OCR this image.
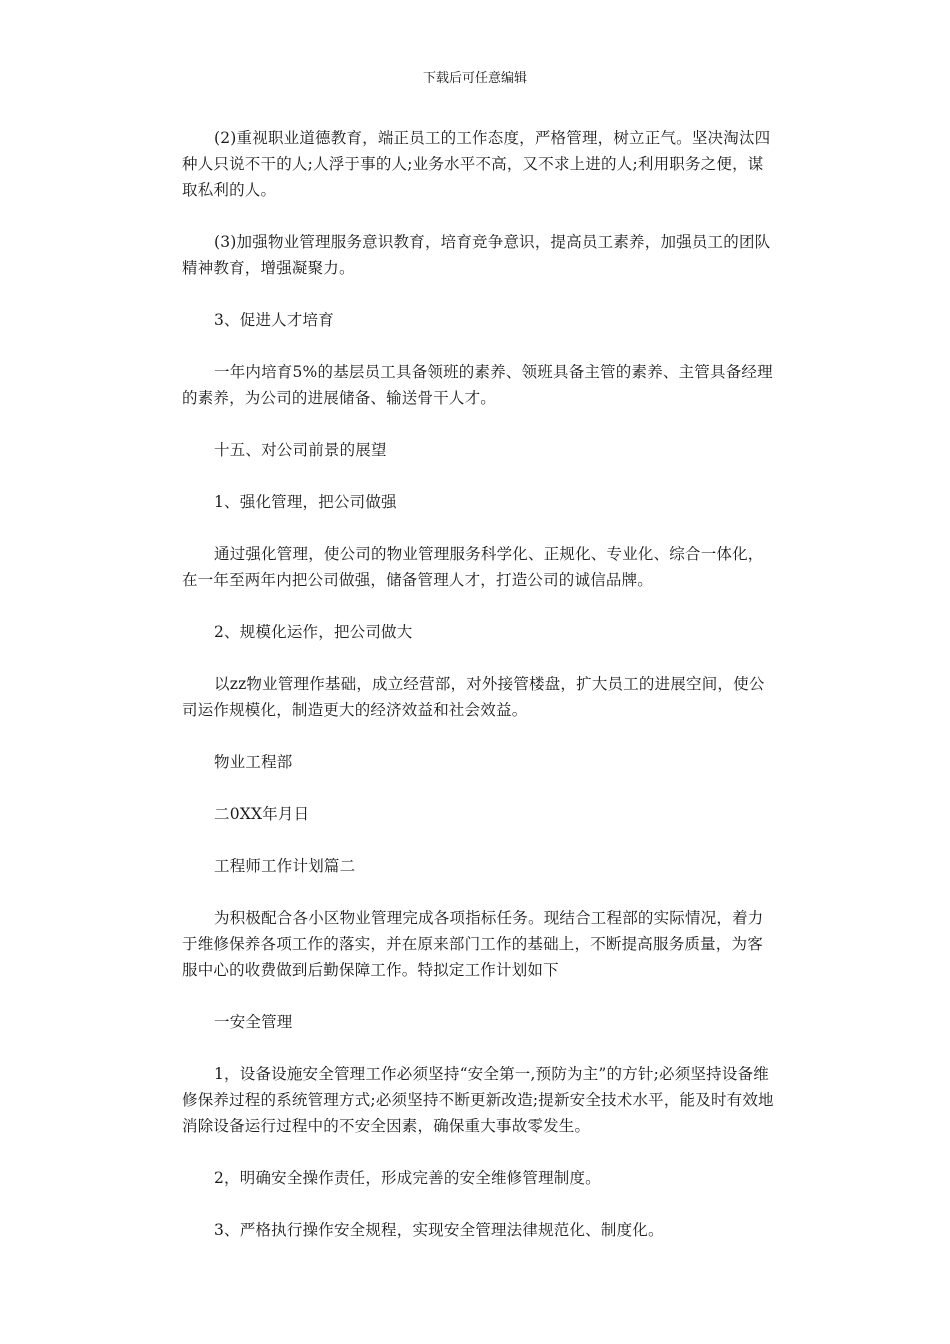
下载后可任意编辑

(2)重视职业道德教育，端正员工的工作态度，严格管理，树立正气。坚决淘汰四种人只说不干的人;人浮于事的人;业务水平不高，又不求上进的人;利用职务之便，谋取私利的人。

(3)加强物业管理服务意识教育，培育竞争意识，提高员工素养，加强员工的团队精神教育，增强凝聚力。

3、促进人才培育

一年内培育5%的基层员工具备领班的素养、领班具备主管的素养、主管具备经理的素养，为公司的进展储备、输送骨干人才。

十五、对公司前景的展望

1、强化管理，把公司做强

通过强化管理，使公司的物业管理服务科学化、正规化、专业化、综合一体化，在一年至两年内把公司做强，储备管理人才，打造公司的诚信品牌。

2、规模化运作，把公司做大

以zz物业管理作基础，成立经营部，对外接管楼盘，扩大员工的进展空间，使公司运作规模化，制造更大的经济效益和社会效益。

物业工程部

二0XX年月日

工程师工作计划篇二

为积极配合各小区物业管理完成各项指标任务。现结合工程部的实际情况，着力于维修保养各项工作的落实，并在原来部门工作的基础上，不断提高服务质量，为客服中心的收费做到后勤保障工作。特拟定工作计划如下

一安全管理

1，设备设施安全管理工作必须坚持“安全第一,预防为主”的方针;必须坚持设备维修保养过程的系统管理方式;必须坚持不断更新改造;提新安全技术水平，能及时有效地消除设备运行过程中的不安全因素，确保重大事故零发生。

2，明确安全操作责任，形成完善的安全维修管理制度。

3、严格执行操作安全规程，实现安全管理法律规范化、制度化。
